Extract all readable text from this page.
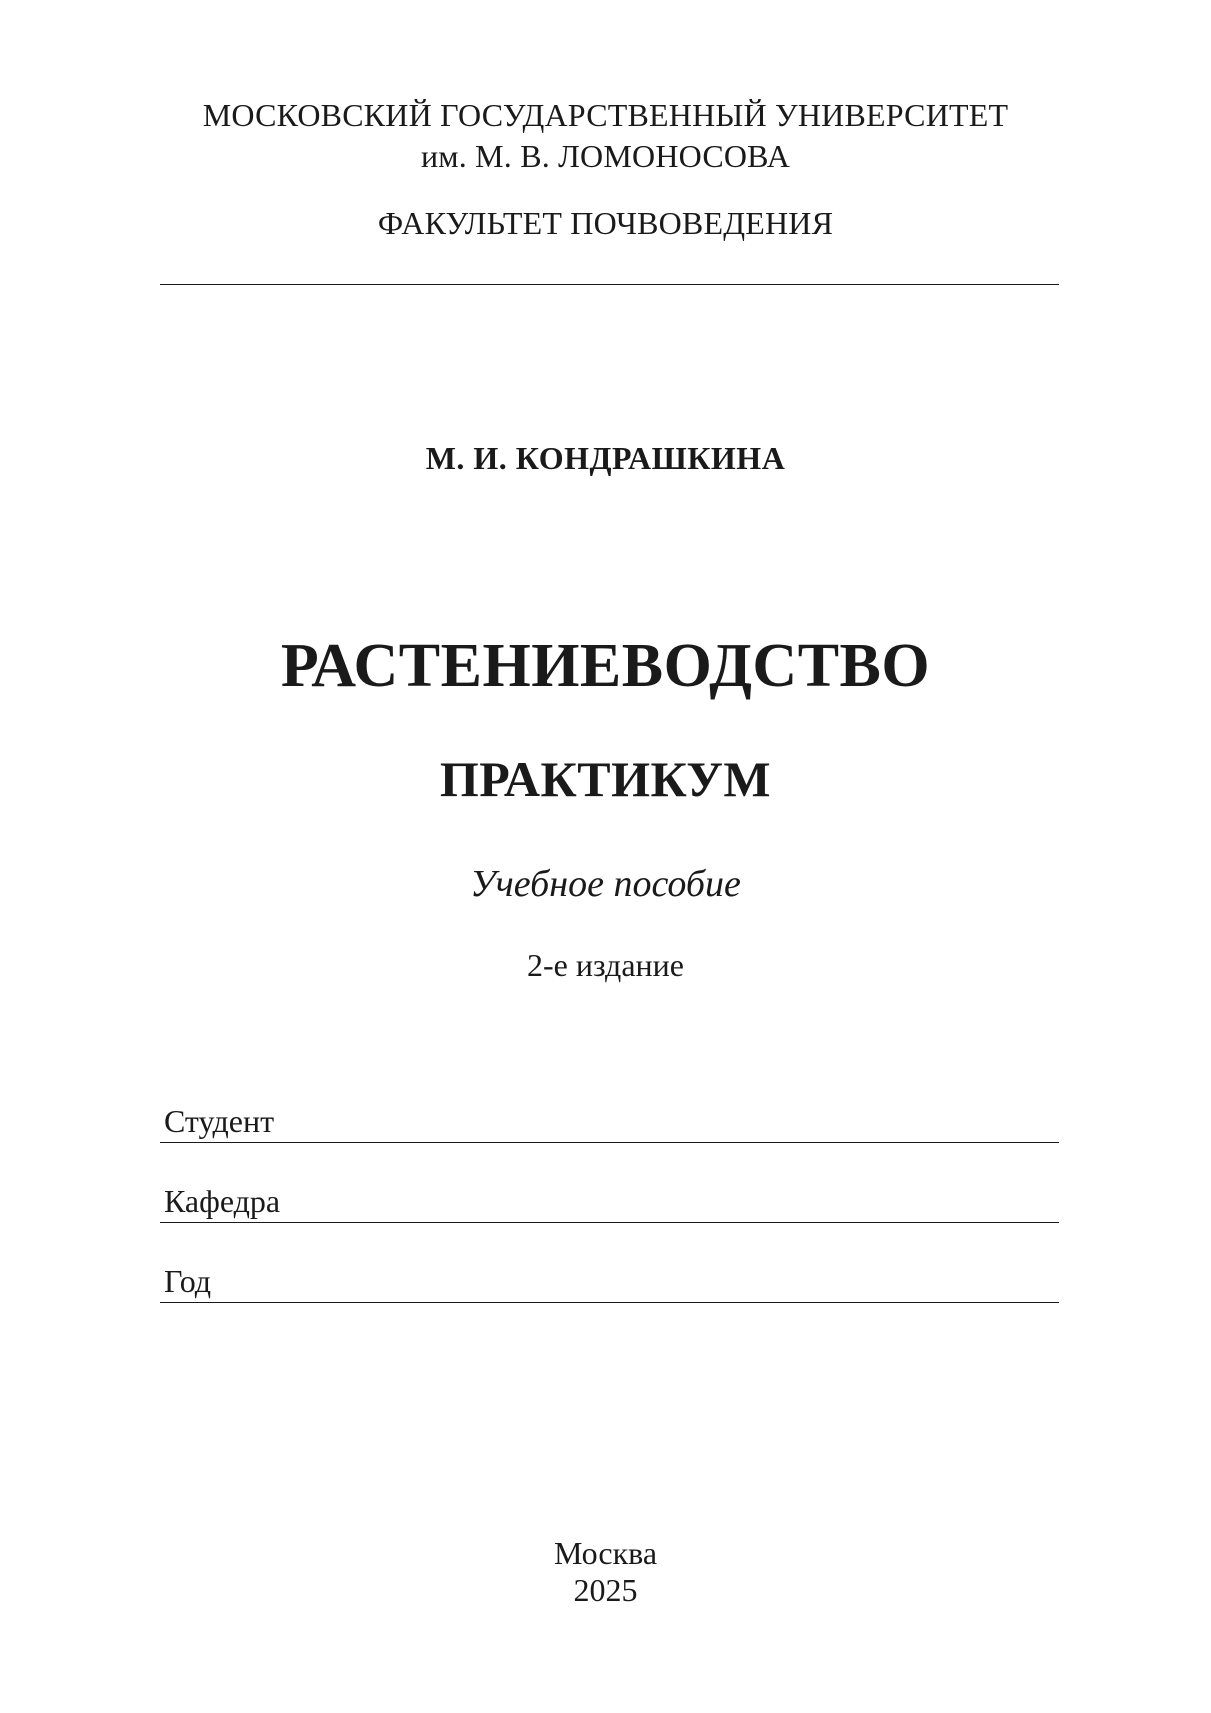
МОСКОВСКИЙ ГОСУДАРСТВЕННЫЙ УНИВЕРСИТЕТ
им. М. В. ЛОМОНОСОВА
ФАКУЛЬТЕТ ПОЧВОВЕДЕНИЯ
М. И. КОНДРАШКИНА
РАСТЕНИЕВОДСТВО
ПРАКТИКУМ
Учебное пособие
2-е издание
Студент
Кафедра
Год
Москва
2025
